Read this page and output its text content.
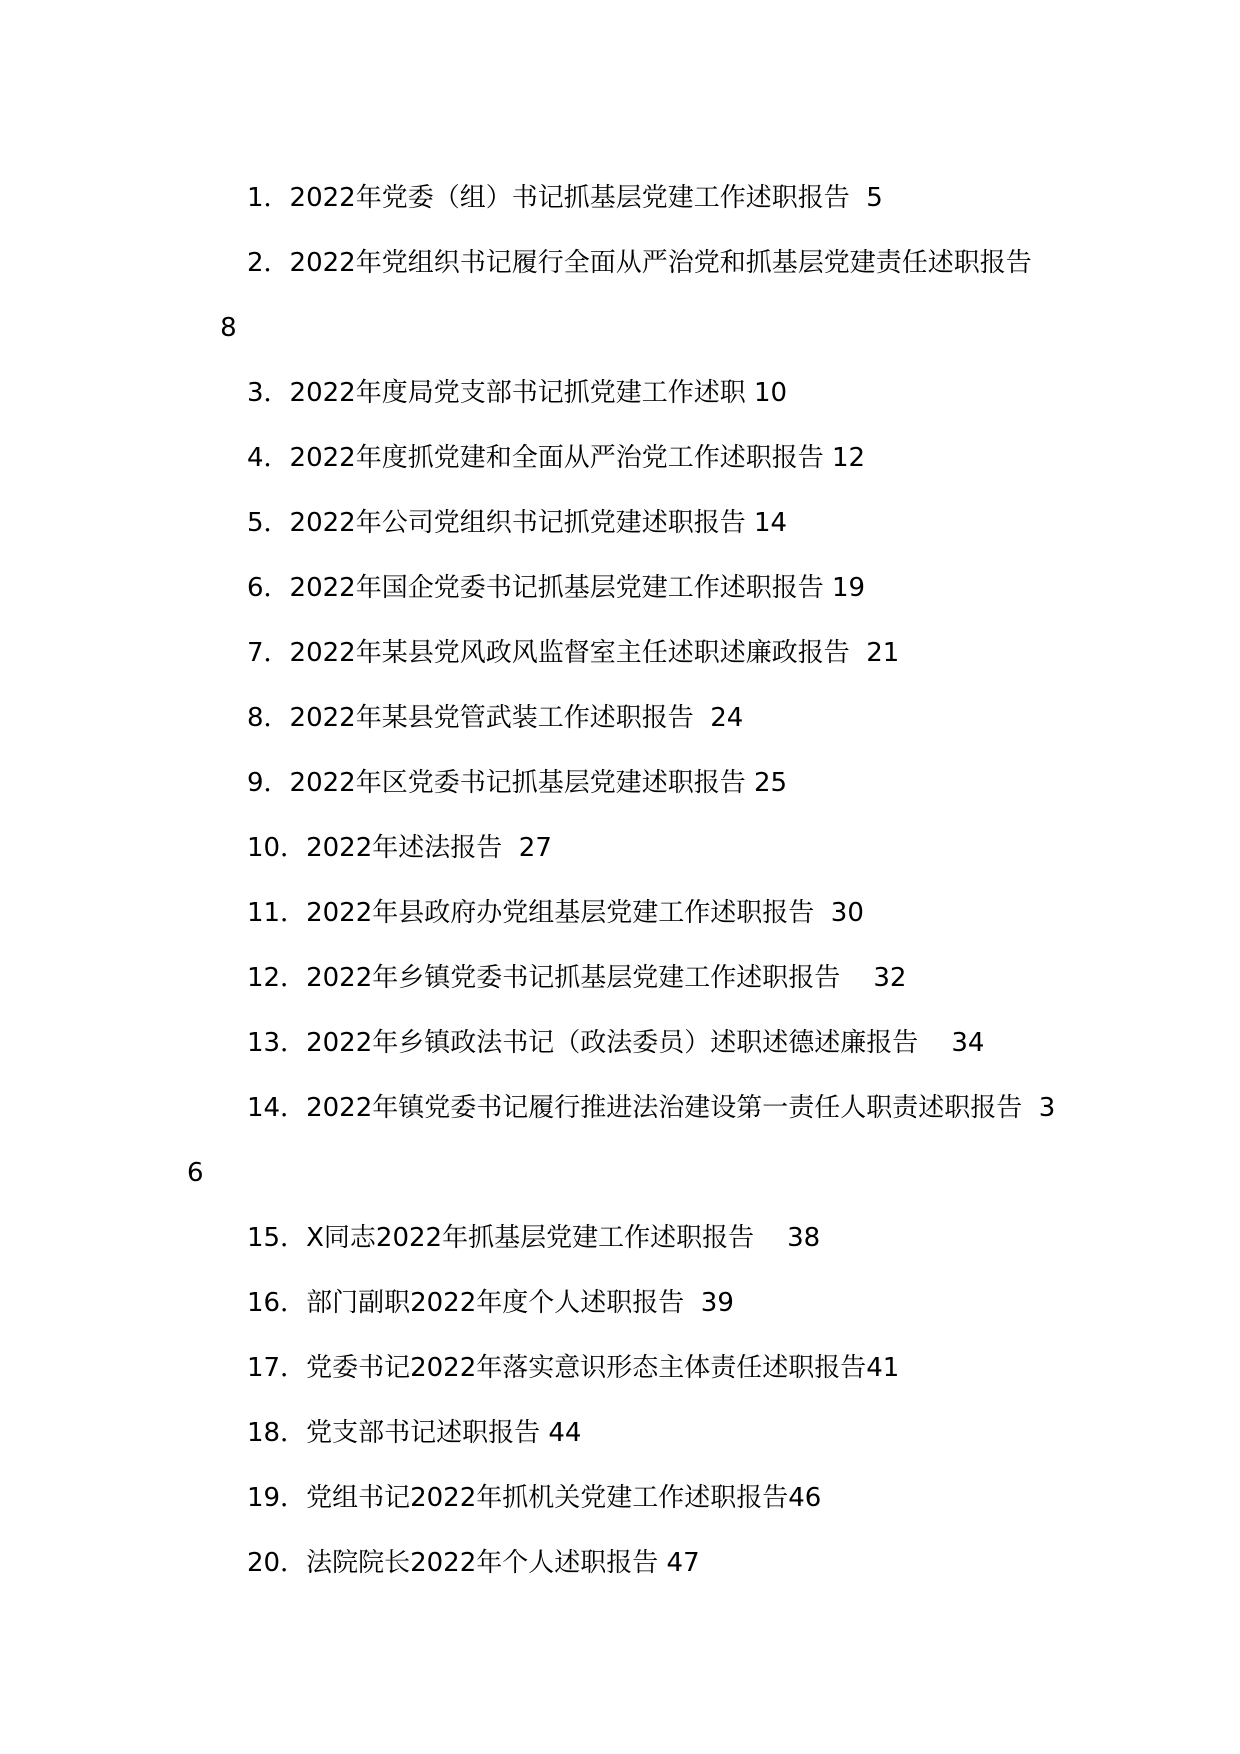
1．2022年党委（组）书记抓基层党建工作述职报告 5
2．2022年党组织书记履行全面从严治党和抓基层党建责任述职报告    8
3．2022年度局党支部书记抓党建工作述职 10
4．2022年度抓党建和全面从严治党工作述职报告 12
5．2022年公司党组织书记抓党建述职报告 14
6．2022年国企党委书记抓基层党建工作述职报告 19
7．2022年某县党风政风监督室主任述职述廉政报告 21
8．2022年某县党管武装工作述职报告 24
9．2022年区党委书记抓基层党建述职报告 25
10．2022年述法报告 27
11．2022年县政府办党组基层党建工作述职报告 30
12．2022年乡镇党委书记抓基层党建工作述职报告 32
13．2022年乡镇政法书记（政法委员）述职述德述廉报告 34
14．2022年镇党委书记履行推进法治建设第一责任人职责述职报告 36
15．X同志2022年抓基层党建工作述职报告 38
16．部门副职2022年度个人述职报告 39
17．党委书记2022年落实意识形态主体责任述职报告41
18．党支部书记述职报告 44
19．党组书记2022年抓机关党建工作述职报告46
20．法院院长2022年个人述职报告 47
